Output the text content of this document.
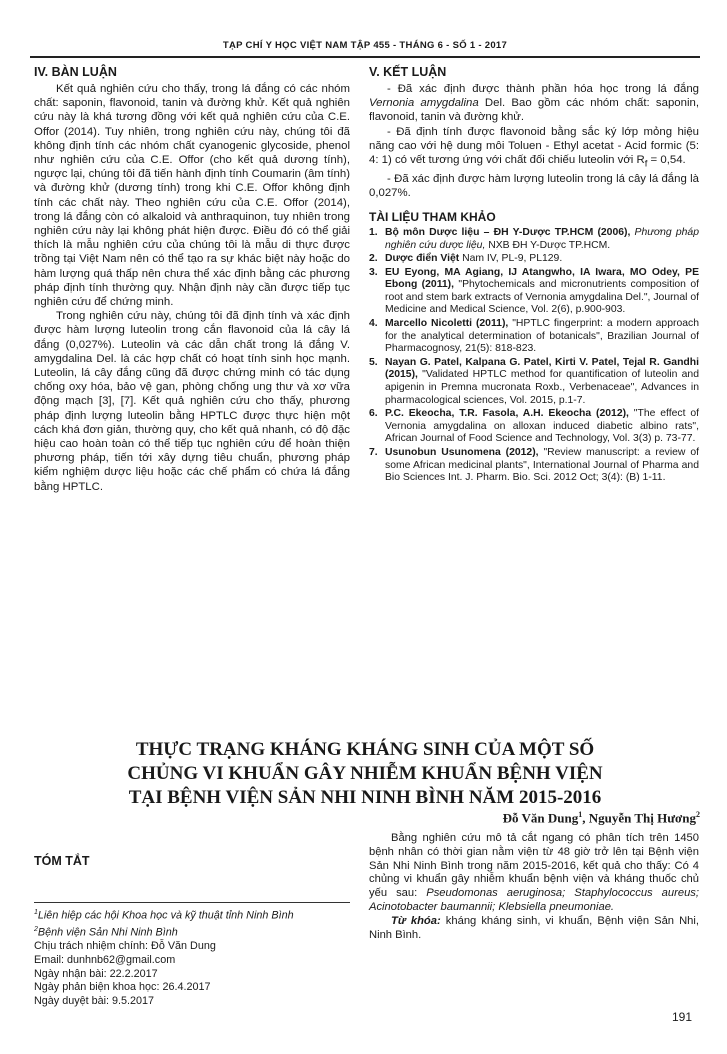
TẠP CHÍ Y HỌC VIỆT NAM TẬP 455 - THÁNG 6 - SỐ 1 - 2017
IV. BÀN LUẬN

Kết quả nghiên cứu cho thấy, trong lá đắng có các nhóm chất: saponin, flavonoid, tanin và đường khử. Kết quả nghiên cứu này là khá tương đồng với kết quả nghiên cứu của C.E. Offor (2014). Tuy nhiên, trong nghiên cứu này, chúng tôi đã không định tính các nhóm chất cyanogenic glycoside, phenol như nghiên cứu của C.E. Offor (cho kết quả dương tính), ngược lại, chúng tôi đã tiến hành định tính Coumarin (âm tính) và đường khử (dương tính) trong khi C.E. Offor không định tính các chất này. Theo nghiên cứu của C.E. Offor (2014), trong lá đắng còn có alkaloid và anthraquinon, tuy nhiên trong nghiên cứu này lại không phát hiện được. Điều đó có thể giải thích là mẫu nghiên cứu của chúng tôi là mẫu di thực được trồng tại Việt Nam nên có thể tạo ra sự khác biệt này hoặc do hàm lượng quá thấp nên chưa thể xác định bằng các phương pháp định tính thường quy. Nhận định này cần được tiếp tục nghiên cứu để chứng minh.

Trong nghiên cứu này, chúng tôi đã định tính và xác định được hàm lượng luteolin trong cắn flavonoid của lá cây lá đắng (0,027%). Luteolin và các dẫn chất trong lá đắng V. amygdalina Del. là các hợp chất có hoạt tính sinh học mạnh. Luteolin, lá cây đắng cũng đã được chứng minh có tác dụng chống oxy hóa, bảo vệ gan, phòng chống ung thư và xơ vữa động mạch [3], [7]. Kết quả nghiên cứu cho thấy, phương pháp định lượng luteolin bằng HPTLC được thực hiện một cách khá đơn giản, thường quy, cho kết quả nhanh, có độ đặc hiệu cao hoàn toàn có thể tiếp tục nghiên cứu để hoàn thiện phương pháp, tiến tới xây dựng tiêu chuẩn, phương pháp kiểm nghiệm dược liệu hoặc các chế phẩm có chứa lá đắng bằng HPTLC.

V. KẾT LUẬN

- Đã xác định được thành phần hóa học trong lá đắng Vernonia amygdalina Del. Bao gồm các nhóm chất: saponin, flavonoid, tanin và đường khử.

- Đã định tính được flavonoid bằng sắc ký lớp mỏng hiệu năng cao với hệ dung môi Toluen - Ethyl acetat - Acid formic (5: 4: 1) có vết tương ứng với chất đối chiếu luteolin với $R_f = 0,54$.

- Đã xác định được hàm lượng luteolin trong lá cây lá đắng là 0,027%.

TÀI LIỆU THAM KHẢO
1. Bộ môn Dược liệu – ĐH Y-Dược TP.HCM (2006), Phương pháp nghiên cứu dược liệu, NXB ĐH Y-Dược TP.HCM.
2. Dược điển Việt Nam IV, PL-9, PL129.
3. EU Eyong, MA Agiang, IJ Atangwho, IA Iwara, MO Odey, PE Ebong (2011), "Phytochemicals and micronutrients composition of root and stem bark extracts of Vernonia amygdalina Del.", Journal of Medicine and Medical Science, Vol. 2(6), p.900-903.
4. Marcello Nicoletti (2011), "HPTLC fingerprint: a modern approach for the analytical determination of botanicals", Brazilian Journal of Pharmacognosy, 21(5): 818-823.
5. Nayan G. Patel, Kalpana G. Patel, Kirti V. Patel, Tejal R. Gandhi (2015), "Validated HPTLC method for quantification of luteolin and apigenin in Premna mucronata Roxb., Verbenaceae", Advances in pharmacological sciences, Vol. 2015, p.1-7.
6. P.C. Ekeocha, T.R. Fasola, A.H. Ekeocha (2012), "The effect of Vernonia amygdalina on alloxan induced diabetic albino rats", African Journal of Food Science and Technology, Vol. 3(3) p. 73-77.
7. Usunobun Usunomena (2012), "Review manuscript: a review of some African medicinal plants", International Journal of Pharma and Bio Sciences Int. J. Pharm. Bio. Sci. 2012 Oct; 3(4): (B) 1-11.
THỰC TRẠNG KHÁNG KHÁNG SINH CỦA MỘT SỐ
CHỦNG VI KHUẨN GÂY NHIỄM KHUẨN BỆNH VIỆN
TẠI BỆNH VIỆN SẢN NHI NINH BÌNH NĂM 2015-2016
Đỗ Văn Dung$^1$, Nguyễn Thị Hương$^2$
TÓM TẮT

Bằng nghiên cứu mô tả cắt ngang có phân tích trên 1450 bệnh nhân có thời gian nằm viện từ 48 giờ trở lên tại Bệnh viện Sản Nhi Ninh Bình trong năm 2015-2016, kết quả cho thấy: Có 4 chủng vi khuẩn gây nhiễm khuẩn bệnh viện và kháng thuốc chủ yếu sau: Pseudomonas aeruginosa; Staphylococcus aureus; Acinotobacter baumannii; Klebsiella pneumoniae.

Từ khóa: kháng kháng sinh, vi khuẩn, Bệnh viện Sản Nhi, Ninh Bình.

$^1$Liên hiệp các hội Khoa học và kỹ thuật tỉnh Ninh Bình
$^2$Bệnh viện Sản Nhi Ninh Bình
Chịu trách nhiệm chính: Đỗ Văn Dung
Email: dunhnb62@gmail.com
Ngày nhận bài: 22.2.2017
Ngày phản biện khoa học: 26.4.2017
Ngày duyệt bài: 9.5.2017
191
